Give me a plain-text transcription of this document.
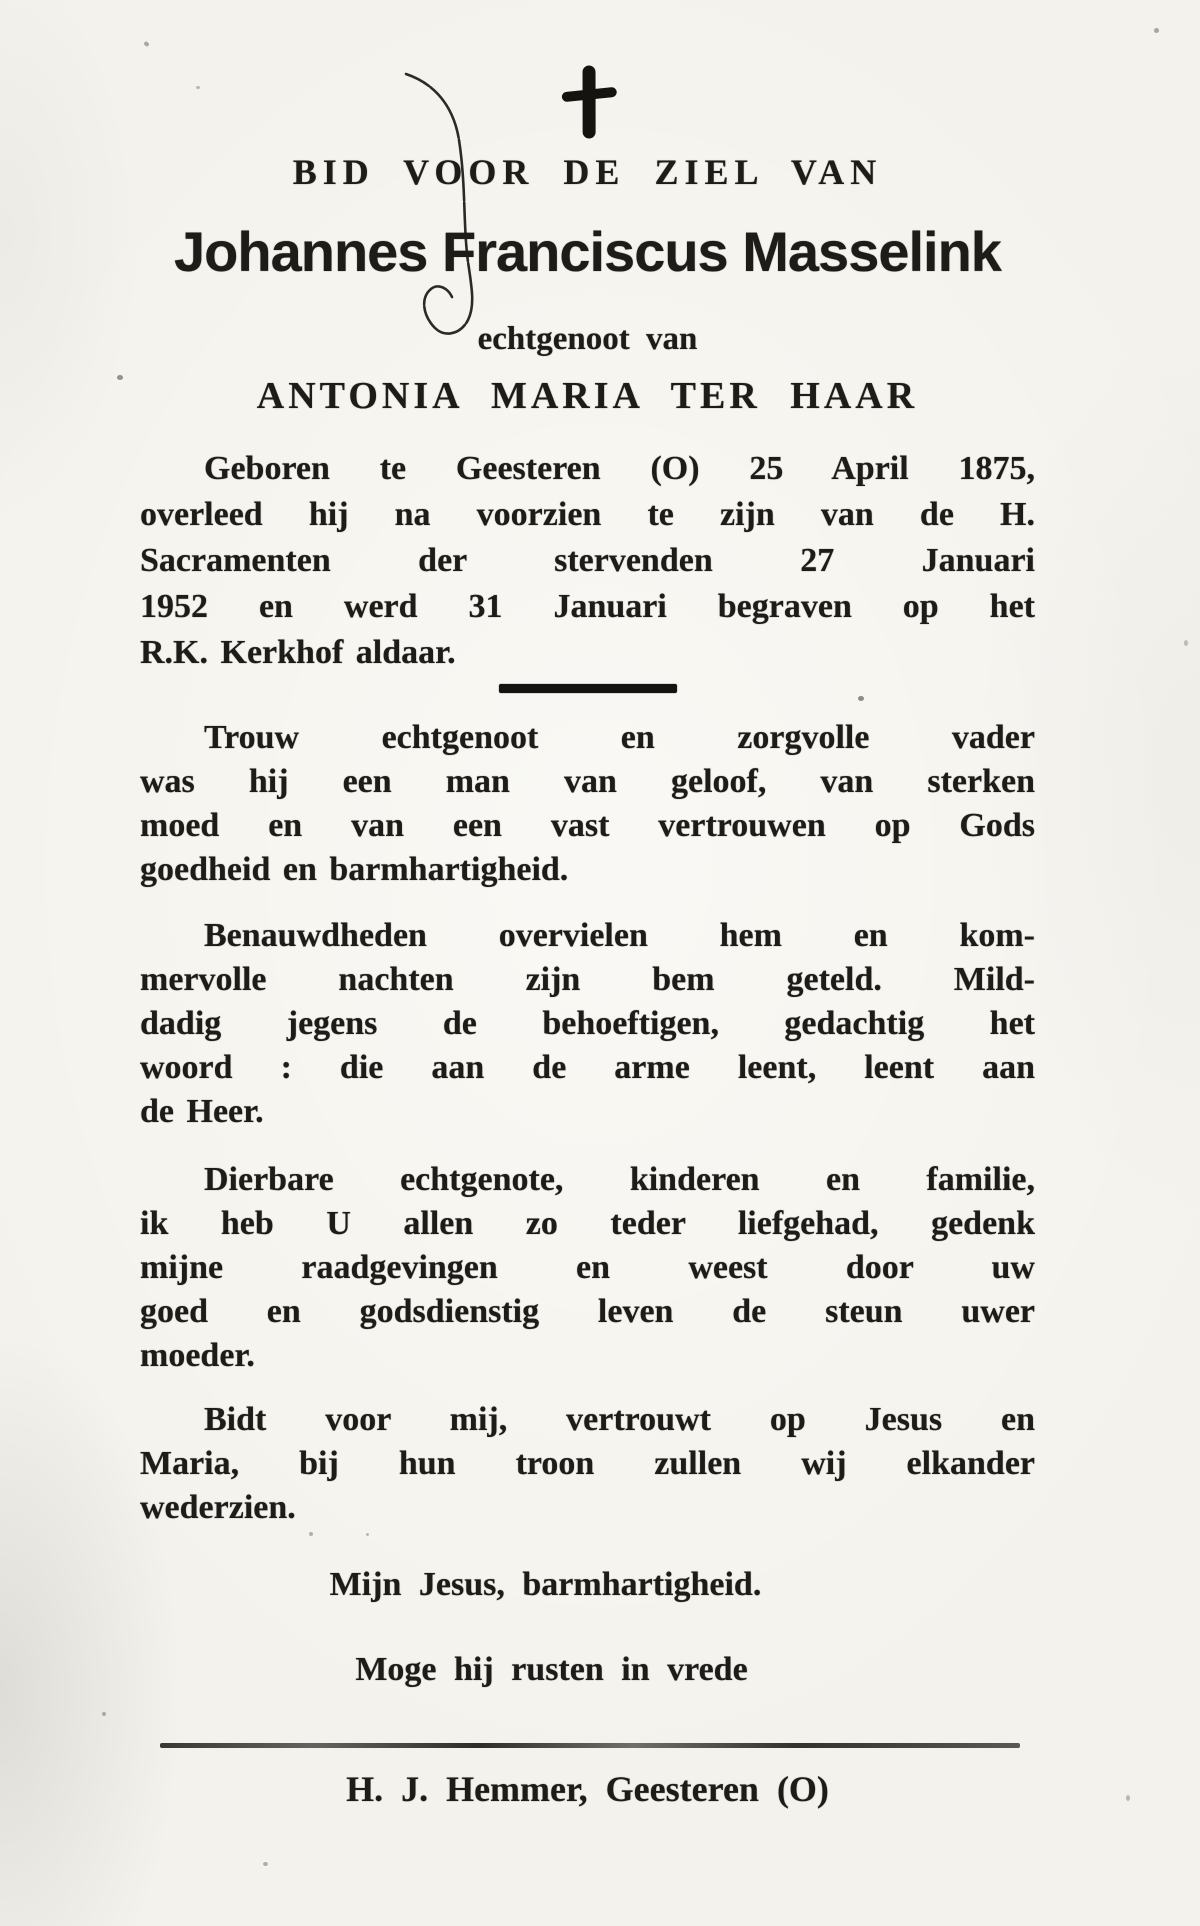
BID VOOR DE ZIEL VAN
Johannes Franciscus Masselink
echtgenoot van
ANTONIA MARIA TER HAAR
Geboren te Geesteren (O) 25 April 1875,
overleed hij na voorzien te zijn van de H.
Sacramenten der stervenden 27 Januari
1952 en werd 31 Januari begraven op het
R.K. Kerkhof aldaar.
Trouw echtgenoot en zorgvolle vader
was hij een man van geloof, van sterken
moed en van een vast vertrouwen op Gods
goedheid en barmhartigheid.
Benauwdheden overvielen hem en kom-
mervolle nachten zijn bem geteld. Mild-
dadig jegens de behoeftigen, gedachtig het
woord : die aan de arme leent, leent aan
de Heer.
Dierbare echtgenote, kinderen en familie,
ik heb U allen zo teder liefgehad, gedenk
mijne raadgevingen en weest door uw
goed en godsdienstig leven de steun uwer
moeder.
Bidt voor mij, vertrouwt op Jesus en
Maria, bij hun troon zullen wij elkander
wederzien.
Mijn Jesus, barmhartigheid.
Moge hij rusten in vrede
H. J. Hemmer, Geesteren (O)
